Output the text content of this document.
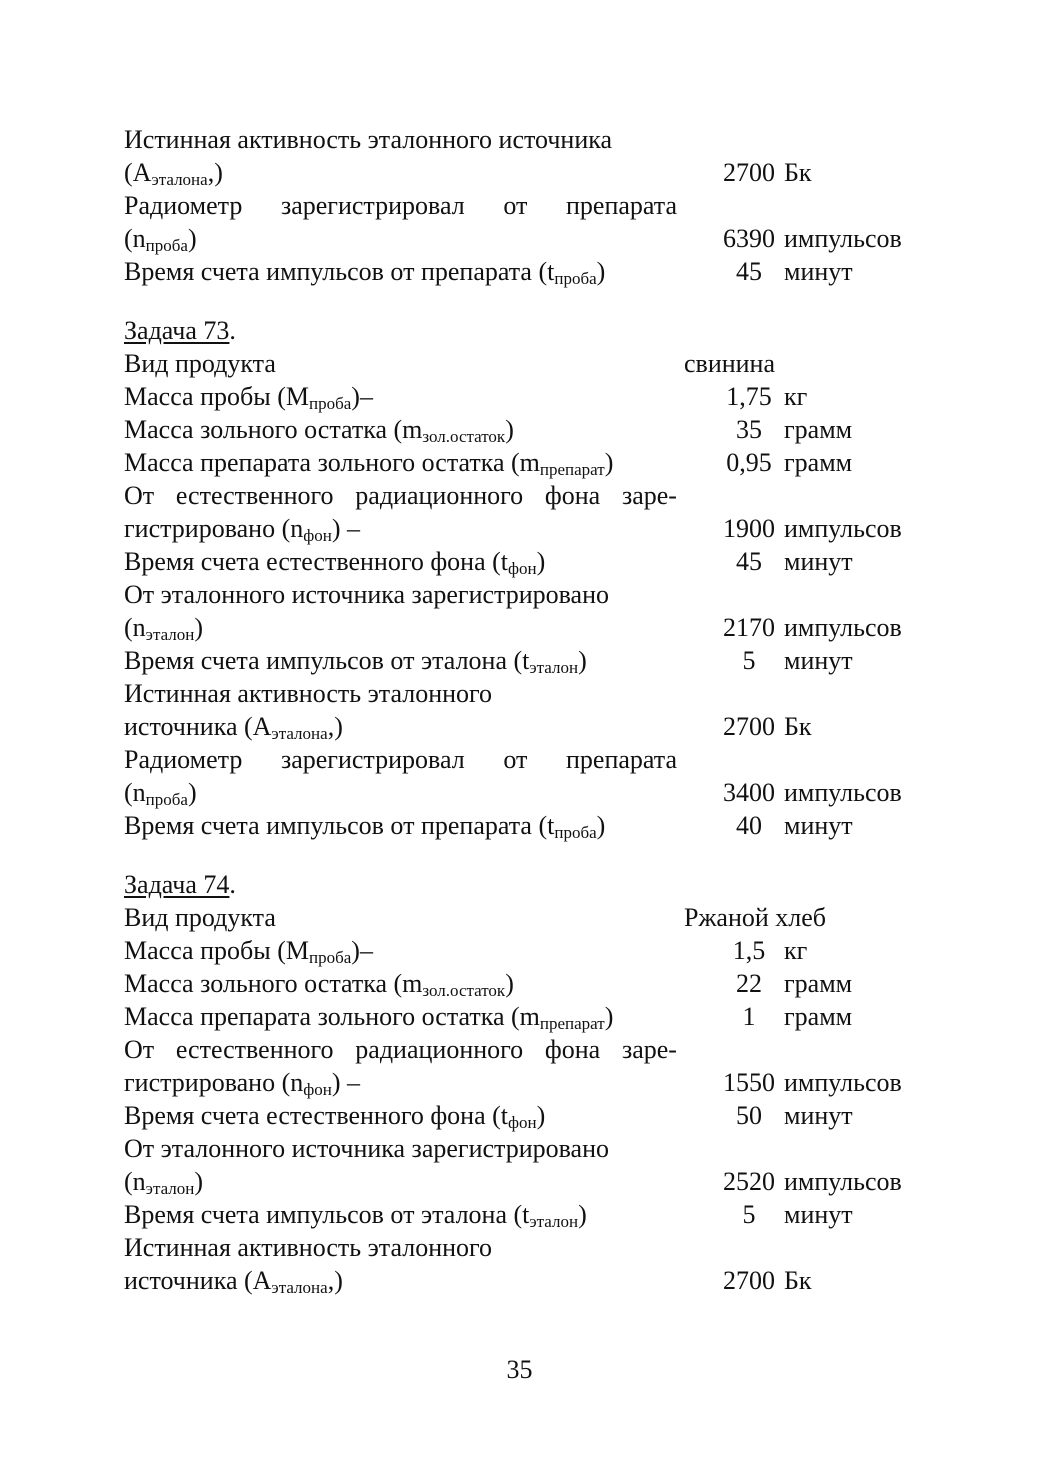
Истинная активность эталонного источника
$(A_{эталона},)$	2700 Бк
Радиометр зарегистрировал от препарата
$(n_{проба})$	6390 импульсов
Время счета импульсов от препарата $(t_{проба})$	45 минут
Задача 73.
Вид продукта	свинина
Масса пробы $(М_{проба})-$	1,75 кг
Масса зольного остатка $(m_{зол.остаток})$	35 грамм
Масса препарата зольного остатка $(m_{препарат})$	0,95 грамм
От естественного радиационного фона заре-
гистрировано $(n_{фон})$ –	1900 импульсов
Время счета естественного фона $(t_{фон})$	45 минут
От эталонного источника зарегистрировано
$(n_{эталон})$	2170 импульсов
Время счета импульсов от эталона $(t_{эталон})$	5	минут
Истинная активность эталонного
источника $(A_{эталона},)$	2700 Бк
Радиометр зарегистрировал от препарата
$(n_{проба})$	3400 импульсов
Время счета импульсов от препарата $(t_{проба})$	40 минут
Задача 74.
Вид продукта	Ржаной хлеб
Масса пробы $(М_{проба})-$	1,5 кг
Масса зольного остатка $(m_{зол.остаток})$	22 грамм
Масса препарата зольного остатка $(m_{препарат})$	1	грамм
От естественного радиационного фона заре-
гистрировано $(n_{фон})$ –	1550 импульсов
Время счета естественного фона $(t_{фон})$	50 минут
От эталонного источника зарегистрировано
$(n_{эталон})$	2520 импульсов
Время счета импульсов от эталона $(t_{эталон})$	5	минут
Истинная активность эталонного
источника $(A_{эталона},)$	2700 Бк
35
